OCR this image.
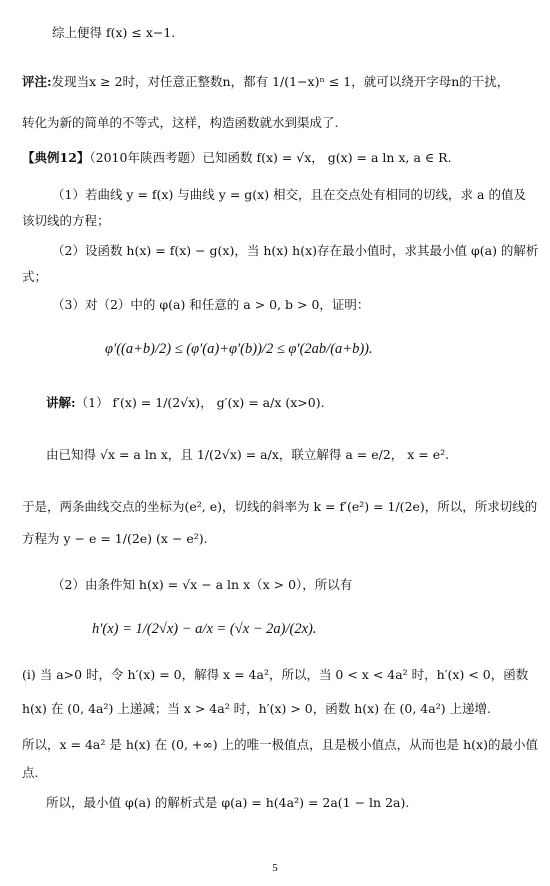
综上便得 f(x) ≤ x−1.
评注:发现当x ≥ 2时，对任意正整数n，都有 1/(1−x)ⁿ ≤ 1，就可以绕开字母n的干扰，
转化为新的简单的不等式，这样，构造函数就水到渠成了.
【典例12】（2010年陕西考题）已知函数 f(x) = √x， g(x) = a ln x, a ∈ R.
（1）若曲线 y = f(x) 与曲线 y = g(x) 相交，且在交点处有相同的切线，求 a 的值及
该切线的方程；
（2）设函数 h(x) = f(x) − g(x)，当 h(x) h(x)存在最小值时，求其最小值 φ(a) 的解析
式；
（3）对（2）中的 φ(a) 和任意的 a > 0, b > 0，证明：
φ′((a+b)/2) ≤ (φ′(a)+φ′(b))/2 ≤ φ′(2ab/(a+b)).
讲解:（1） f′(x) = 1/(2√x)， g′(x) = a/x (x>0).
由已知得 √x = a ln x，且 1/(2√x) = a/x，联立解得 a = e/2， x = e².
于是，两条曲线交点的坐标为(e², e)，切线的斜率为 k = f′(e²) = 1/(2e)，所以，所求切线的
方程为 y − e = 1/(2e) (x − e²).
（2）由条件知 h(x) = √x − a ln x（x > 0），所以有
h′(x) = 1/(2√x) − a/x = (√x − 2a)/(2x).
(i) 当 a>0 时，令 h′(x) = 0，解得 x = 4a²，所以，当 0 < x < 4a² 时，h′(x) < 0，函数
h(x) 在 (0, 4a²) 上递减；当 x > 4a² 时，h′(x) > 0，函数 h(x) 在 (0, 4a²) 上递增.
所以，x = 4a² 是 h(x) 在 (0, +∞) 上的唯一极值点，且是极小值点，从而也是 h(x)的最小值
点.
所以，最小值 φ(a) 的解析式是 φ(a) = h(4a²) = 2a(1 − ln 2a).
5
